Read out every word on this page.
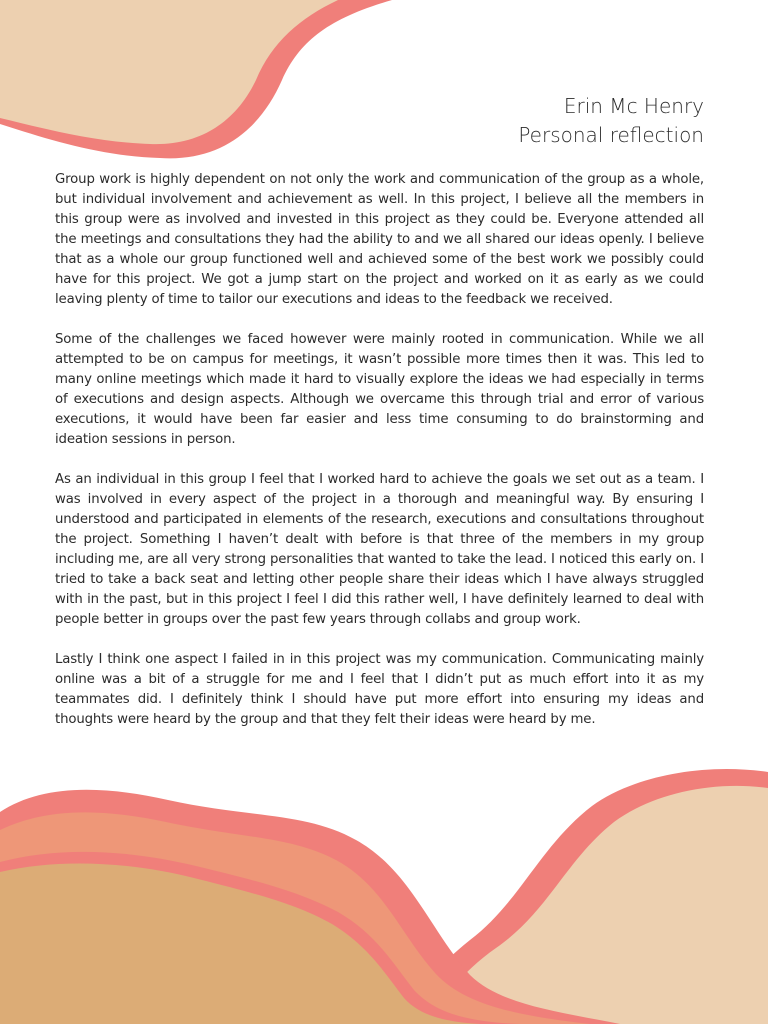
Erin Mc Henry
Personal reflection

Group work is highly dependent on not only the work and communication of the group as a whole, but individual involvement and achievement as well. In this project, I believe all the members in this group were as involved and invested in this project as they could be. Everyone attended all the meetings and consultations they had the ability to and we all shared our ideas openly. I believe that as a whole our group functioned well and achieved some of the best work we possibly could have for this project. We got a jump start on the project and worked on it as early as we could leaving plenty of time to tailor our executions and ideas to the feedback we received.

Some of the challenges we faced however were mainly rooted in communication. While we all attempted to be on campus for meetings, it wasn’t possible more times then it was. This led to many online meetings which made it hard to visually explore the ideas we had especially in terms of executions and design aspects. Although we overcame this through trial and error of various executions, it would have been far easier and less time consuming to do brainstorming and ideation sessions in person.

As an individual in this group I feel that I worked hard to achieve the goals we set out as a team. I was involved in every aspect of the project in a thorough and meaningful way. By ensuring I understood and participated in elements of the research, executions and consultations throughout the project. Something I haven’t dealt with before is that three of the members in my group including me, are all very strong personalities that wanted to take the lead. I noticed this early on. I tried to take a back seat and letting other people share their ideas which I have always struggled with in the past, but in this project I feel I did this rather well, I have definitely learned to deal with people better in groups over the past few years through collabs and group work.

Lastly I think one aspect I failed in in this project was my communication. Communicating mainly online was a bit of a struggle for me and I feel that I didn’t put as much effort into it as my teammates did. I definitely think I should have put more effort into ensuring my ideas and thoughts were heard by the group and that they felt their ideas were heard by me.
